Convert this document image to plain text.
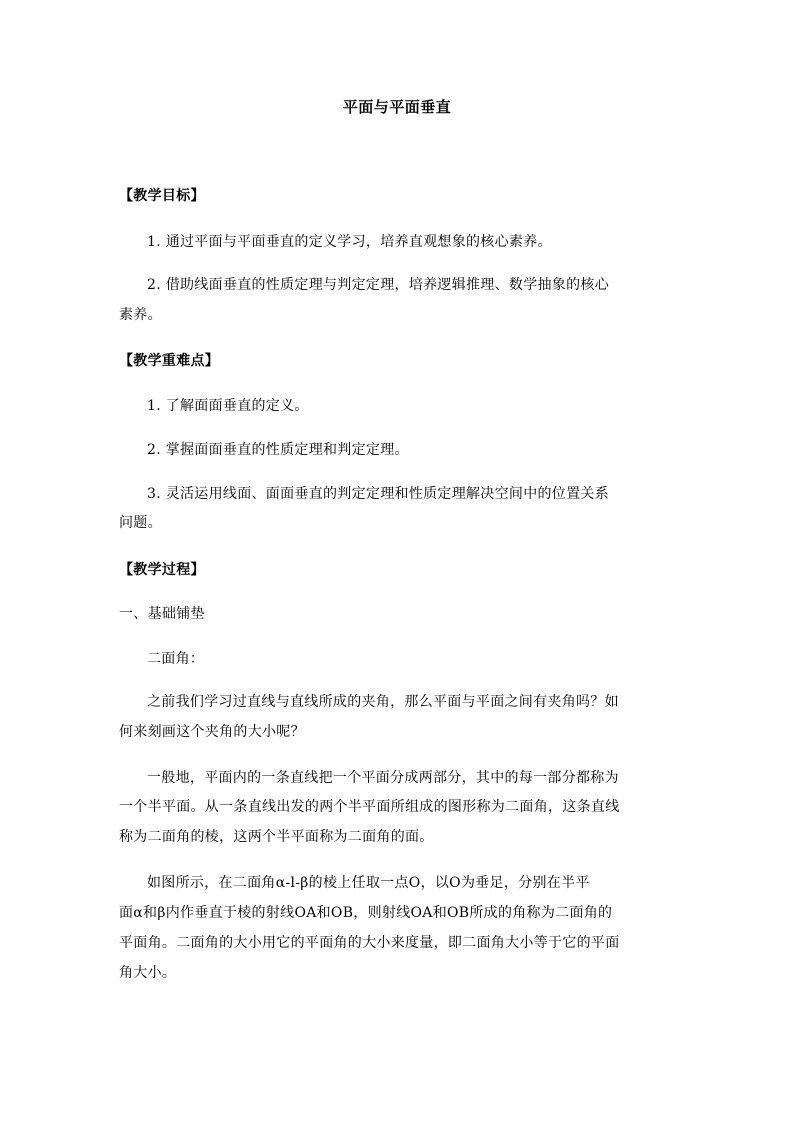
平面与平面垂直
【教学目标】
1. 通过平面与平面垂直的定义学习，培养直观想象的核心素养。
2. 借助线面垂直的性质定理与判定定理，培养逻辑推理、数学抽象的核心
素养。
【教学重难点】
1. 了解面面垂直的定义。
2. 掌握面面垂直的性质定理和判定定理。
3. 灵活运用线面、面面垂直的判定定理和性质定理解决空间中的位置关系
问题。
【教学过程】
一、基础铺垫
二面角：
之前我们学习过直线与直线所成的夹角，那么平面与平面之间有夹角吗？如
何来刻画这个夹角的大小呢？
一般地，平面内的一条直线把一个平面分成两部分，其中的每一部分都称为
一个半平面。从一条直线出发的两个半平面所组成的图形称为二面角，这条直线
称为二面角的棱，这两个半平面称为二面角的面。
如图所示，在二面角α-l-β的棱上任取一点O，以O为垂足，分别在半平
面α和β内作垂直于棱的射线OA和OB，则射线OA和OB所成的角称为二面角的
平面角。二面角的大小用它的平面角的大小来度量，即二面角大小等于它的平面
角大小。
